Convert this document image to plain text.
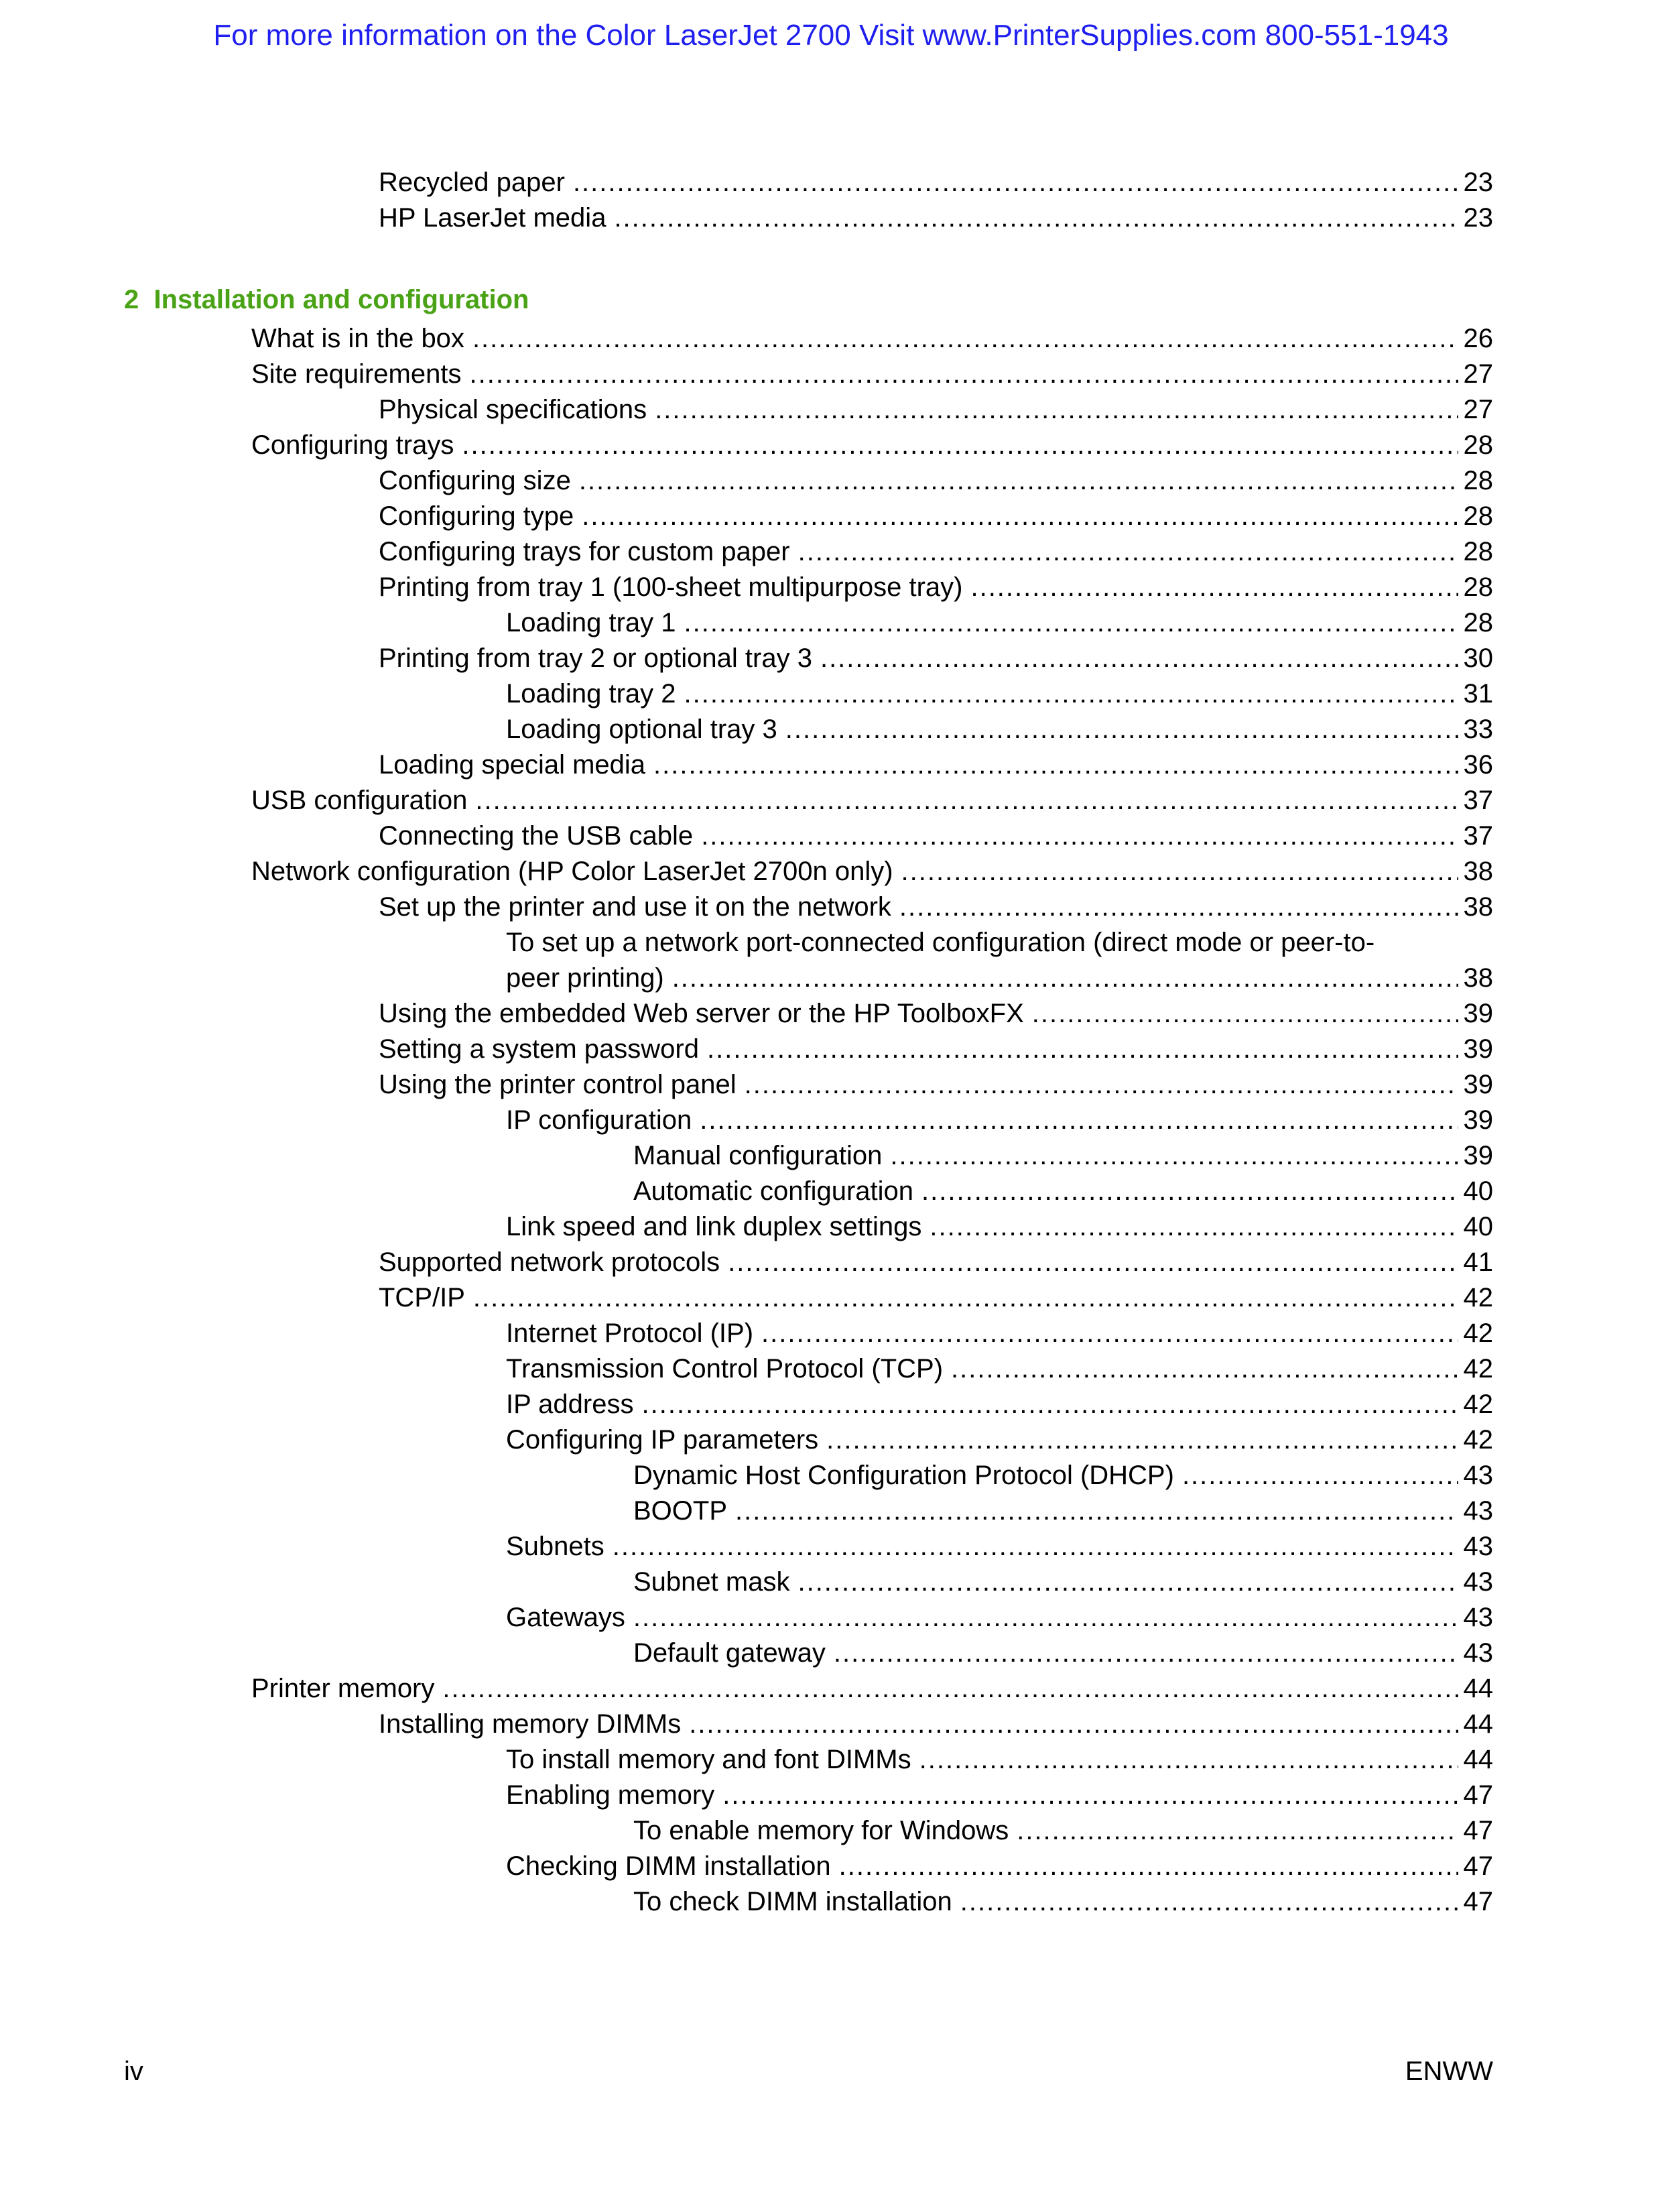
For more information on the Color LaserJet 2700 Visit www.PrinterSupplies.com 800-551-1943
Recycled paper .....	23
HP LaserJet media .....	23
2 Installation and configuration
What is in the box .....	26
Site requirements .....	27
Physical specifications .....	27
Configuring trays .....	28
Configuring size .....	28
Configuring type .....	28
Configuring trays for custom paper .....	28
Printing from tray 1 (100-sheet multipurpose tray) .....	28
Loading tray 1 .....	28
Printing from tray 2 or optional tray 3 .....	30
Loading tray 2 .....	31
Loading optional tray 3 .....	33
Loading special media .....	36
USB configuration .....	37
Connecting the USB cable .....	37
Network configuration (HP Color LaserJet 2700n only) .....	38
Set up the printer and use it on the network .....	38
To set up a network port-connected configuration (direct mode or peer-to-
peer printing) .....	38
Using the embedded Web server or the HP ToolboxFX .....	39
Setting a system password .....	39
Using the printer control panel .....	39
IP configuration .....	39
Manual configuration .....	39
Automatic configuration .....	40
Link speed and link duplex settings .....	40
Supported network protocols .....	41
TCP/IP .....	42
Internet Protocol (IP) .....	42
Transmission Control Protocol (TCP) .....	42
IP address .....	42
Configuring IP parameters .....	42
Dynamic Host Configuration Protocol (DHCP) .....	43
BOOTP .....	43
Subnets .....	43
Subnet mask .....	43
Gateways .....	43
Default gateway .....	43
Printer memory .....	44
Installing memory DIMMs .....	44
To install memory and font DIMMs .....	44
Enabling memory .....	47
To enable memory for Windows .....	47
Checking DIMM installation .....	47
To check DIMM installation .....	47
iv	ENWW
